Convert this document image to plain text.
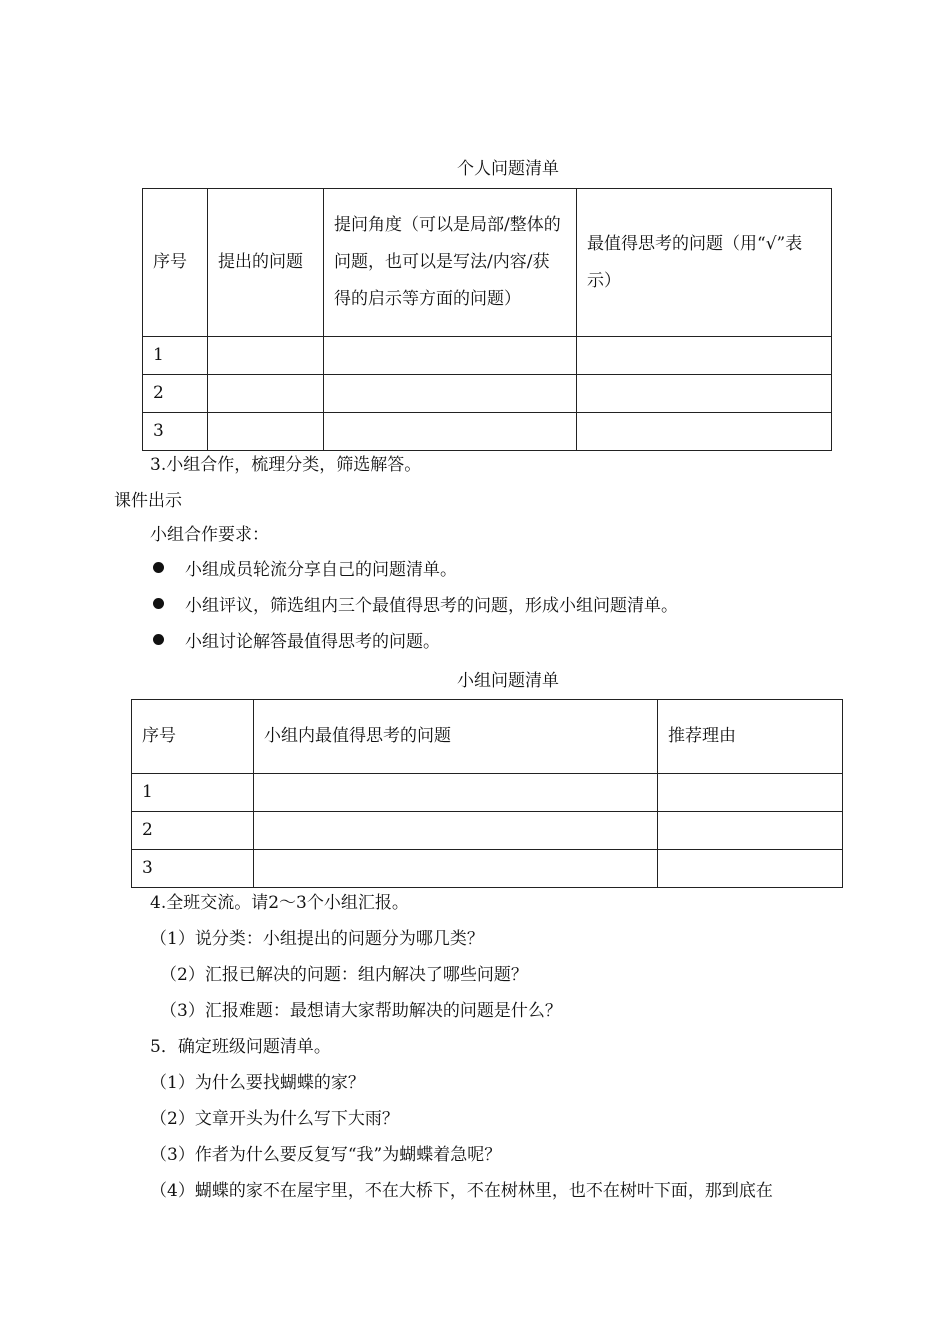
个人问题清单
序号	提出的问题	提问角度（可以是局部/整体的问题，也可以是写法/内容/获得的启示等方面的问题）	最值得思考的问题（用“√”表示）
1			
2			
3			
3.小组合作，梳理分类，筛选解答。
课件出示
小组合作要求：
小组成员轮流分享自己的问题清单。
小组评议，筛选组内三个最值得思考的问题，形成小组问题清单。
小组讨论解答最值得思考的问题。
小组问题清单
序号	小组内最值得思考的问题	推荐理由
1		
2		
3		
4.全班交流。请2～3个小组汇报。
（1）说分类：小组提出的问题分为哪几类？
（2）汇报已解决的问题：组内解决了哪些问题？
（3）汇报难题：最想请大家帮助解决的问题是什么？
5．确定班级问题清单。
（1）为什么要找蝴蝶的家？
（2）文章开头为什么写下大雨？
（3）作者为什么要反复写“我”为蝴蝶着急呢？
（4）蝴蝶的家不在屋宇里，不在大桥下，不在树林里，也不在树叶下面，那到底在
